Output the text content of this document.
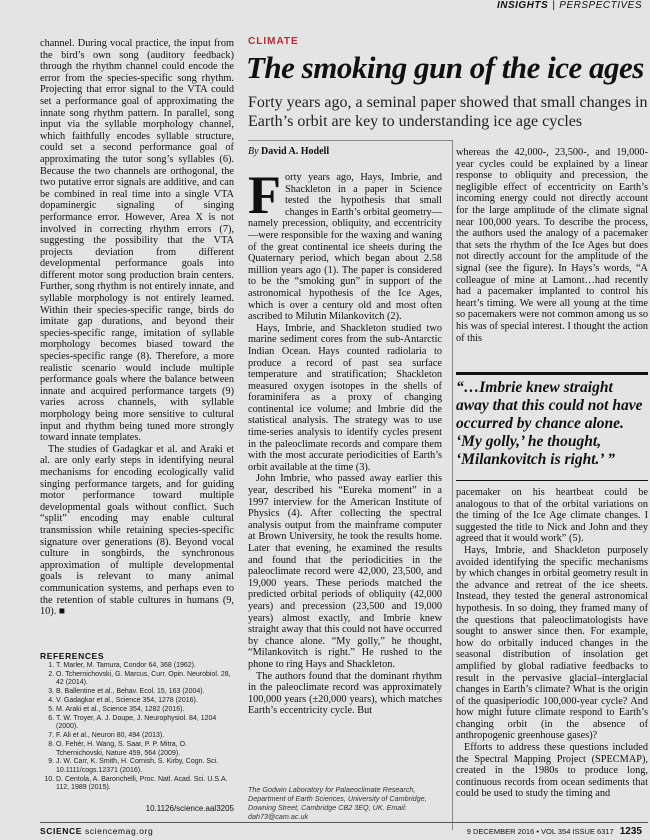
INSIGHTS | PERSPECTIVES

channel. During vocal practice, the input from the bird’s own song (auditory feedback) through the rhythm channel could encode the error from the species-specific song rhythm. Projecting that error signal to the VTA could set a performance goal of approximating the innate song rhythm pattern. In parallel, song input via the syllable morphology channel, which faithfully encodes syllable structure, could set a second performance goal of approximating the tutor song’s syllables (6). Because the two channels are orthogonal, the two putative error signals are additive, and can be combined in real time into a single VTA dopaminergic signaling of singing performance error. However, Area X is not involved in correcting rhythm errors (7), suggesting the possibility that the VTA projects deviation from different developmental performance goals into different motor song production brain centers. Further, song rhythm is not entirely innate, and syllable morphology is not entirely learned. Within their species-specific range, birds do imitate gap durations, and beyond their species-specific range, imitation of syllable morphology becomes biased toward the species-specific range (8). Therefore, a more realistic scenario would include multiple performance goals where the balance between innate and acquired performance targets (9) varies across channels, with syllable morphology being more sensitive to cultural input and rhythm being tuned more strongly toward innate templates.

The studies of Gadagkar et al. and Araki et al. are only early steps in identifying neural mechanisms for encoding ecologically valid singing performance targets, and for guiding motor performance toward multiple developmental goals without conflict. Such “split” encoding may enable cultural transmission while retaining species-specific signature over generations (8). Beyond vocal culture in songbirds, the synchronous approximation of multiple developmental goals is relevant to many animal communication systems, and perhaps even to the retention of stable cultures in humans (9, 10). ■

REFERENCES
1. T. Marler, M. Tamura, Condor 64, 368 (1962).
2. O. Tchernichovski, G. Marcus, Curr. Opin. Neurobiol. 28, 42 (2014).
3. B. Ballentine et al., Behav. Ecol. 15, 163 (2004).
4. V. Gadagkar et al., Science 354, 1278 (2016).
5. M. Araki et al., Science 354, 1282 (2016).
6. T. W. Troyer, A. J. Doupe, J. Neurophysiol. 84, 1204 (2000).
7. F. Ali et al., Neuron 80, 494 (2013).
8. O. Fehér, H. Wang, S. Saar, P. P. Mitra, O. Tchernichovski, Nature 459, 564 (2009).
9. J. W. Carr, K. Smith, H. Cornish, S. Kirby, Cogn. Sci. 10.1111/cogs.12371 (2016).
10. D. Centola, A. Baronchelli, Proc. Natl. Acad. Sci. U.S.A. 112, 1989 (2015).
10.1126/science.aal3205
CLIMATE
The smoking gun of the ice ages
Forty years ago, a seminal paper showed that small changes in Earth’s orbit are key to understanding ice age cycles
By David A. Hodell

Forty years ago, Hays, Imbrie, and Shackleton in a paper in Science tested the hypothesis that small changes in Earth’s orbital geometry—namely precession, obliquity, and eccentricity—were responsible for the waxing and waning of the great continental ice sheets during the Quaternary period, which began about 2.58 million years ago (1). The paper is considered to be the “smoking gun” in support of the astronomical hypothesis of the Ice Ages, which is over a century old and most often ascribed to Milutin Milankovitch (2).

Hays, Imbrie, and Shackleton studied two marine sediment cores from the sub-Antarctic Indian Ocean. Hays counted radiolaria to produce a record of past sea surface temperature and stratification; Shackleton measured oxygen isotopes in the shells of foraminifera as a proxy of changing continental ice volume; and Imbrie did the statistical analysis. The strategy was to use time-series analysis to identify cycles present in the paleoclimate records and compare them with the most accurate periodicities of Earth’s orbit available at the time (3).

John Imbrie, who passed away earlier this year, described his “Eureka moment” in a 1997 interview for the American Institute of Physics (4). After collecting the spectral analysis output from the mainframe computer at Brown University, he took the results home. Later that evening, he examined the results and found that the periodicities in the paleoclimate record were 42,000, 23,500, and 19,000 years. These periods matched the predicted orbital periods of obliquity (42,000 years) and precession (23,500 and 19,000 years) almost exactly, and Imbrie knew straight away that this could not have occurred by chance alone. “My golly,” he thought, “Milankovitch is right.” He rushed to the phone to ring Hays and Shackleton.

The authors found that the dominant rhythm in the paleoclimate record was approximately 100,000 years (±20,000 years), which matches Earth’s eccentricity cycle. But

The Godwin Laboratory for Palaeoclimate Research, Department of Earth Sciences, University of Cambridge, Downing Street, Cambridge CB2 3EQ, UK. Email: dah73@cam.ac.uk

whereas the 42,000-, 23,500-, and 19,000-year cycles could be explained by a linear response to obliquity and precession, the negligible effect of eccentricity on Earth’s incoming energy could not directly account for the large amplitude of the climate signal near 100,000 years. To describe the process, the authors used the analogy of a pacemaker that sets the rhythm of the Ice Ages but does not directly account for the amplitude of the signal (see the figure). In Hays’s words, “A colleague of mine at Lamont…had recently had a pacemaker implanted to control his heart’s timing. We were all young at the time so pacemakers were not common among us so his was of special interest. I thought the action of this

“…Imbrie knew straight away that this could not have occurred by chance alone. ‘My golly,’ he thought, ‘Milankovitch is right.’ ”

pacemaker on his heartbeat could be analogous to that of the orbital variations on the timing of the Ice Age climate changes. I suggested the title to Nick and John and they agreed that it would work” (5).

Hays, Imbrie, and Shackleton purposely avoided identifying the specific mechanisms by which changes in orbital geometry result in the advance and retreat of the ice sheets. Instead, they tested the general astronomical hypothesis. In so doing, they framed many of the questions that paleoclimatologists have sought to answer since then. For example, how do orbitally induced changes in the seasonal distribution of insolation get amplified by global radiative feedbacks to result in the pervasive glacial–interglacial changes in Earth’s climate? What is the origin of the quasiperiodic 100,000-year cycle? And how might future climate respond to Earth’s changing orbit (in the absence of anthropogenic greenhouse gases)?

Efforts to address these questions included the Spectral Mapping Project (SPECMAP), created in the 1980s to produce long, continuous records from ocean sediments that could be used to study the timing and

SCIENCE sciencemag.org	9 DECEMBER 2016 • VOL 354 ISSUE 6317 1235
